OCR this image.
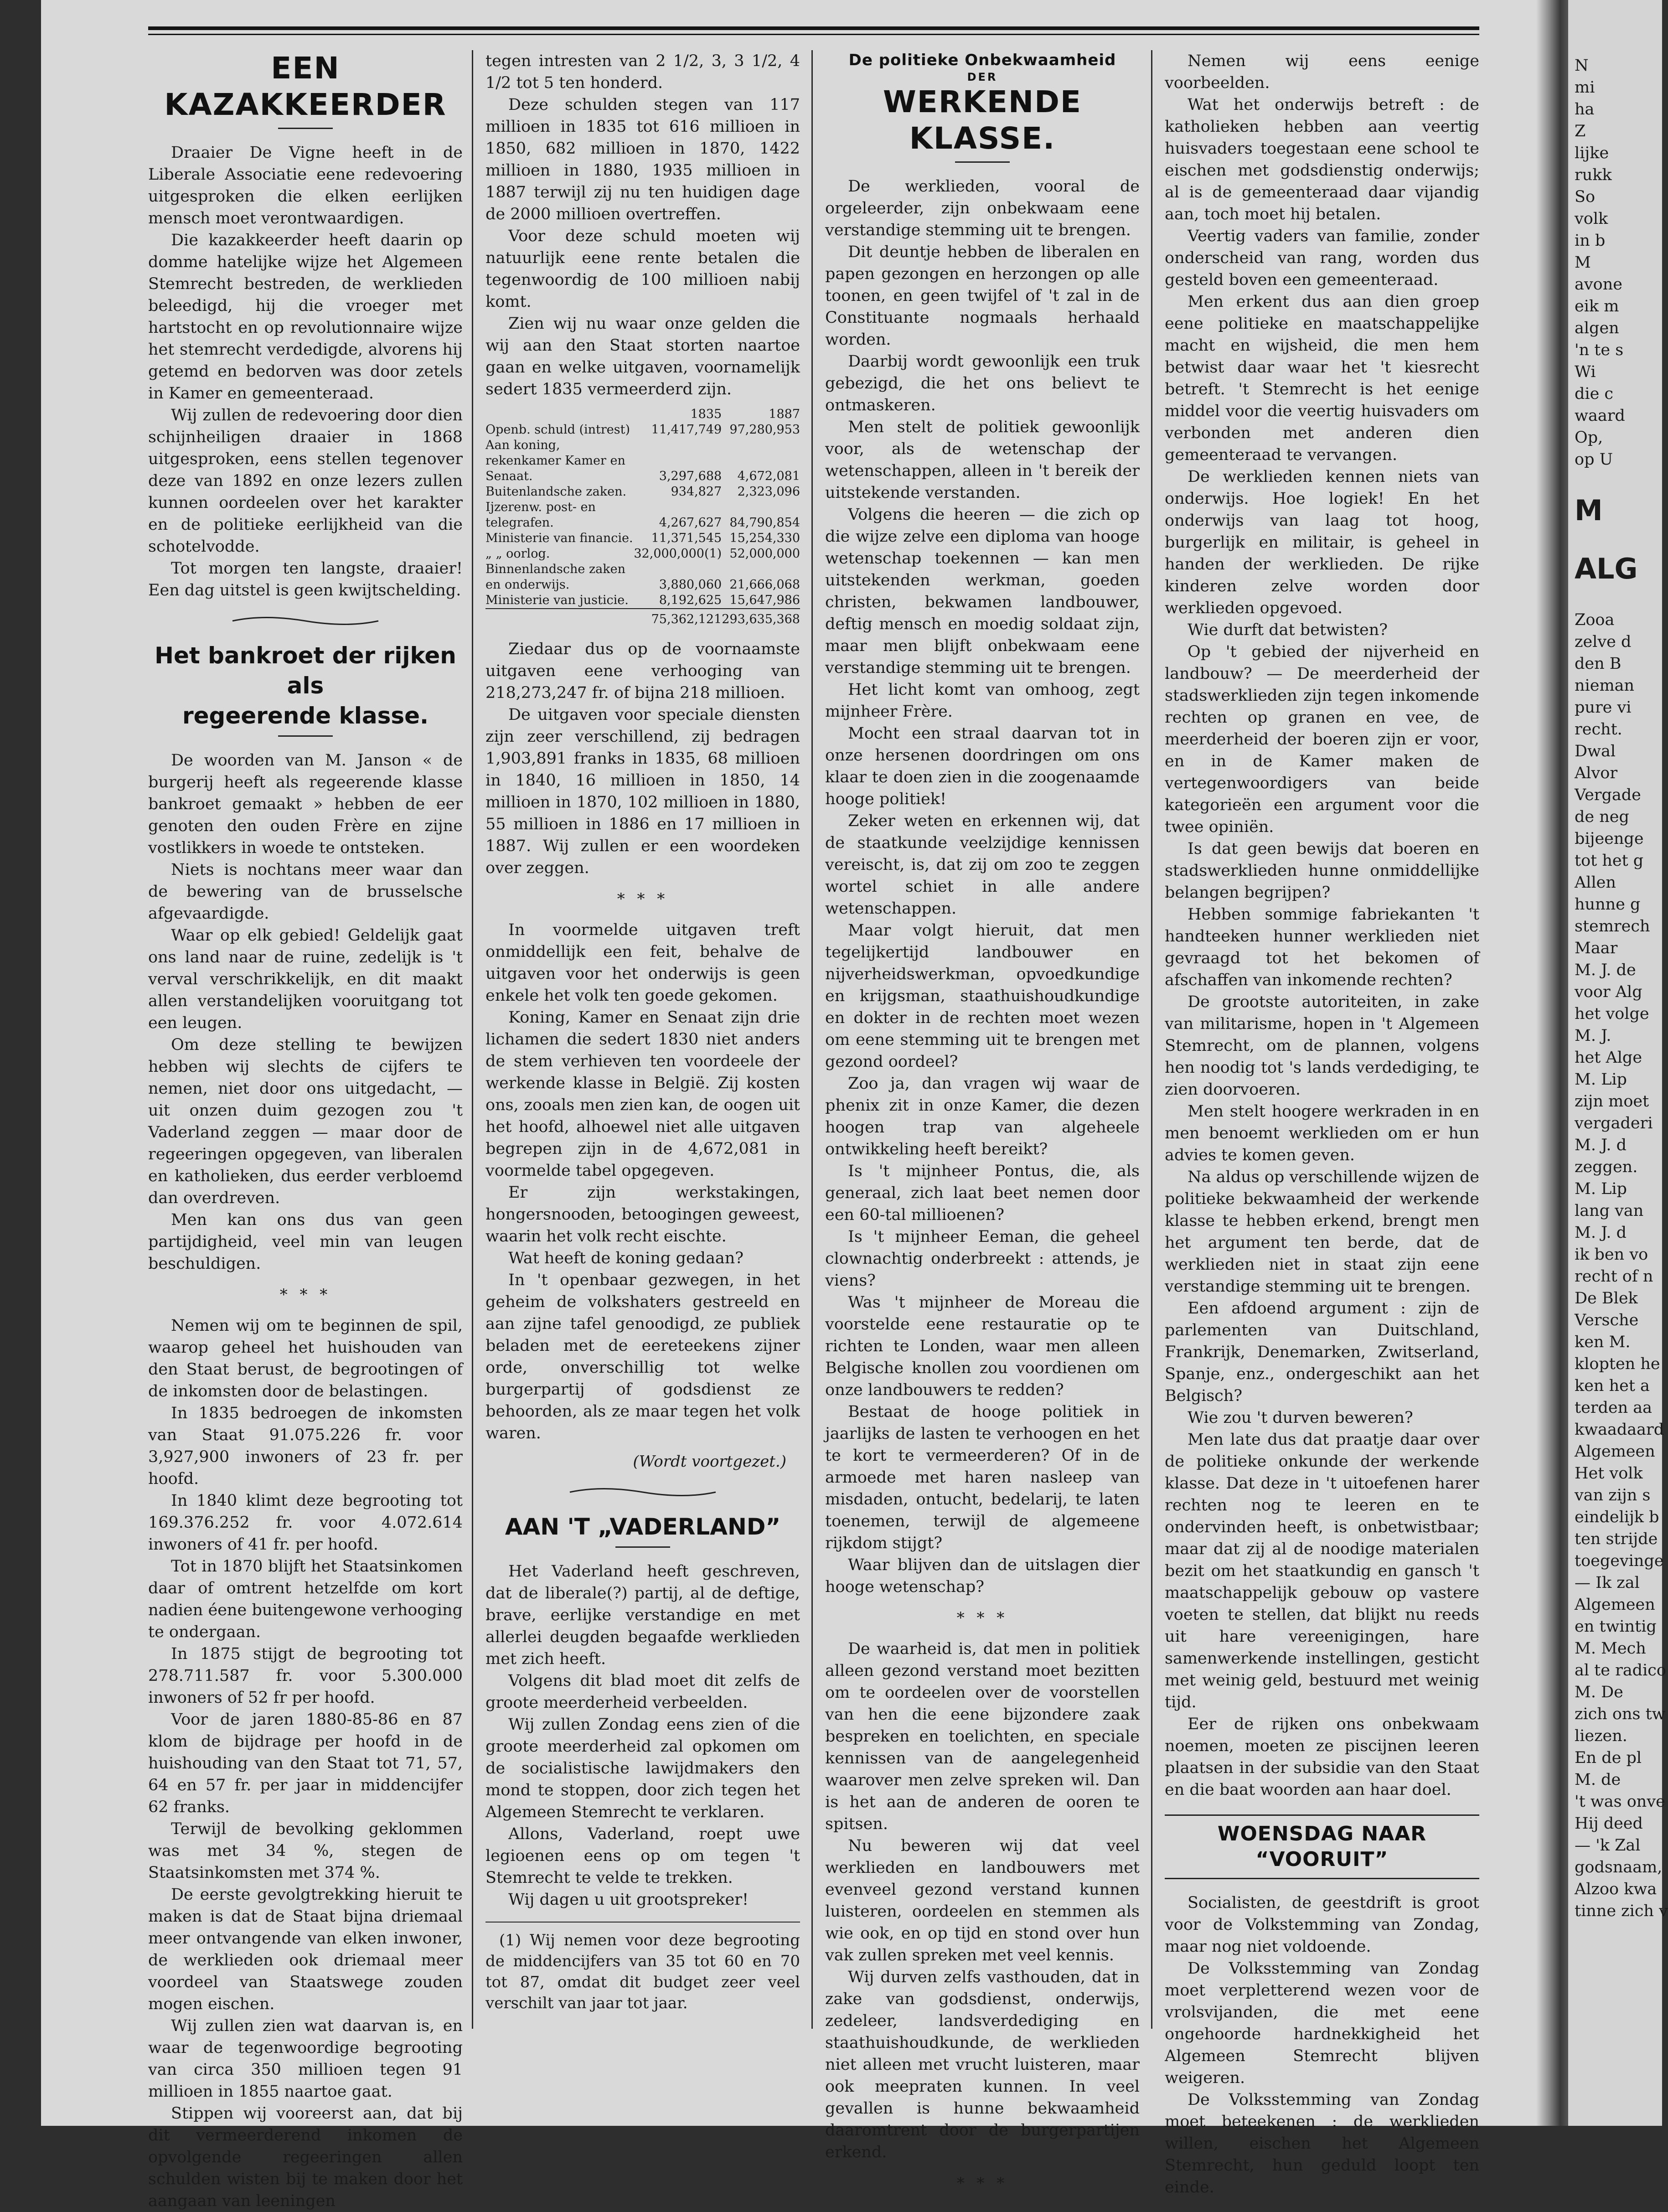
EEN KAZAKKEERDER

Draaier De Vigne heeft in de Liberale Associatie eene redevoering uitgesproken die elken eerlijken mensch moet verontwaardigen.

Die kazakkeerder heeft daarin op domme hatelijke wijze het Algemeen Stemrecht bestreden, de werklieden beleedigd, hij die vroeger met hartstocht en op revolutionnaire wijze het stemrecht verdedigde, alvorens hij getemd en bedorven was door zetels in Kamer en gemeenteraad.

Wij zullen de redevoering door dien schijnheiligen draaier in 1868 uitgesproken, eens stellen tegenover deze van 1892 en onze lezers zullen kunnen oordeelen over het karakter en de politieke eerlijkheid van die schotelvodde.

Tot morgen ten langste, draaier! Een dag uitstel is geen kwijtschelding.

Het bankroet der rijken als
regeerende klasse.

De woorden van M. Janson « de burgerij heeft als regeerende klasse bankroet gemaakt » hebben de eer genoten den ouden Frère en zijne vostlikkers in woede te ontsteken.

Niets is nochtans meer waar dan de bewering van de brusselsche afgevaardigde.

Waar op elk gebied! Geldelijk gaat ons land naar de ruine, zedelijk is 't verval verschrikkelijk, en dit maakt allen verstandelijken vooruitgang tot een leugen.

Om deze stelling te bewijzen hebben wij slechts de cijfers te nemen, niet door ons uitgedacht, — uit onzen duim gezogen zou 't Vaderland zeggen — maar door de regeeringen opgegeven, van liberalen en katholieken, dus eerder verbloemd dan overdreven.

Men kan ons dus van geen partijdigheid, veel min van leugen beschuldigen.

* * *

Nemen wij om te beginnen de spil, waarop geheel het huishouden van den Staat berust, de begrootingen of de inkomsten door de belastingen.

In 1835 bedroegen de inkomsten van Staat 91.075.226 fr. voor 3,927,900 inwoners of 23 fr. per hoofd.

In 1840 klimt deze begrooting tot 169.376.252 fr. voor 4.072.614 inwoners of 41 fr. per hoofd.

Tot in 1870 blijft het Staatsinkomen daar of omtrent hetzelfde om kort nadien éene buitengewone verhooging te ondergaan.

In 1875 stijgt de begrooting tot 278.711.587 fr. voor 5.300.000 inwoners of 52 fr per hoofd.

Voor de jaren 1880-85-86 en 87 klom de bijdrage per hoofd in de huishouding van den Staat tot 71, 57, 64 en 57 fr. per jaar in middencijfer 62 franks.

Terwijl de bevolking geklommen was met 34 %, stegen de Staatsinkomsten met 374 %.

De eerste gevolgtrekking hieruit te maken is dat de Staat bijna driemaal meer ontvangende van elken inwoner, de werklieden ook driemaal meer voordeel van Staatswege zouden mogen eischen.

Wij zullen zien wat daarvan is, en waar de tegenwoordige begrooting van circa 350 millioen tegen 91 millioen in 1855 naartoe gaat.

Stippen wij vooreerst aan, dat bij dit vermeerderend inkomen de opvolgende regeeringen allen schulden wisten bij te maken door het aangaan van leeningen

tegen intresten van 2 1/2, 3, 3 1/2, 4 1/2 tot 5 ten honderd.

Deze schulden stegen van 117 millioen in 1835 tot 616 millioen in 1850, 682 millioen in 1870, 1422 millioen in 1880, 1935 millioen in 1887 terwijl zij nu ten huidigen dage de 2000 millioen overtreffen.

Voor deze schuld moeten wij natuurlijk eene rente betalen die tegenwoordig de 100 millioen nabij komt.

Zien wij nu waar onze gelden die wij aan den Staat storten naartoe gaan en welke uitgaven, voornamelijk sedert 1835 vermeerderd zijn.

	1835	1887
Openb. schuld (intrest)	11,417,749	97,280,953
Aan koning, rekenkamer Kamer en Senaat.	3,297,688	4,672,081
Buitenlandsche zaken.	934,827	2,323,096
Ijzerenw. post- en telegrafen.	4,267,627	84,790,854
Ministerie van financie.	11,371,545	15,254,330
„ „ oorlog.	32,000,000(1)	52,000,000
Binnenlandsche zaken en onderwijs.	3,880,060	21,666,068
Ministerie van justicie.	8,192,625	15,647,986
	75,362,121	293,635,368

Ziedaar dus op de voornaamste uitgaven eene verhooging van 218,273,247 fr. of bijna 218 millioen.

De uitgaven voor speciale diensten zijn zeer verschillend, zij bedragen 1,903,891 franks in 1835, 68 millioen in 1840, 16 millioen in 1850, 14 millioen in 1870, 102 millioen in 1880, 55 millioen in 1886 en 17 millioen in 1887. Wij zullen er een woordeken over zeggen.

* * *

In voormelde uitgaven treft onmiddellijk een feit, behalve de uitgaven voor het onderwijs is geen enkele het volk ten goede gekomen.

Koning, Kamer en Senaat zijn drie lichamen die sedert 1830 niet anders de stem verhieven ten voordeele der werkende klasse in België. Zij kosten ons, zooals men zien kan, de oogen uit het hoofd, alhoewel niet alle uitgaven begrepen zijn in de 4,672,081 in voormelde tabel opgegeven.

Er zijn werkstakingen, hongersnooden, betoogingen geweest, waarin het volk recht eischte.

Wat heeft de koning gedaan?

In 't openbaar gezwegen, in het geheim de volkshaters gestreeld en aan zijne tafel genoodigd, ze publiek beladen met de eereteekens zijner orde, onverschillig tot welke burgerpartij of godsdienst ze behoorden, als ze maar tegen het volk waren.

(Wordt voortgezet.)
AAN 'T „VADERLAND”

Het Vaderland heeft geschreven, dat de liberale(?) partij, al de deftige, brave, eerlijke verstandige en met allerlei deugden begaafde werklieden met zich heeft.

Volgens dit blad moet dit zelfs de groote meerderheid verbeelden.

Wij zullen Zondag eens zien of die groote meerderheid zal opkomen om de socialistische lawijdmakers den mond te stoppen, door zich tegen het Algemeen Stemrecht te verklaren.

Allons, Vaderland, roept uwe legioenen eens op om tegen 't Stemrecht te velde te trekken.

Wij dagen u uit grootspreker!

(1) Wij nemen voor deze begrooting de middencijfers van 35 tot 60 en 70 tot 87, omdat dit budget zeer veel verschilt van jaar tot jaar.

De politieke Onbekwaamheid
DER
WERKENDE KLASSE.

De werklieden, vooral de orgeleerder, zijn onbekwaam eene verstandige stemming uit te brengen.

Dit deuntje hebben de liberalen en papen gezongen en herzongen op alle toonen, en geen twijfel of 't zal in de Constituante nogmaals herhaald worden.

Daarbij wordt gewoonlijk een truk gebezigd, die het ons believt te ontmaskeren.

Men stelt de politiek gewoonlijk voor, als de wetenschap der wetenschappen, alleen in 't bereik der uitstekende verstanden.

Volgens die heeren — die zich op die wijze zelve een diploma van hooge wetenschap toekennen — kan men uitstekenden werkman, goeden christen, bekwamen landbouwer, deftig mensch en moedig soldaat zijn, maar men blijft onbekwaam eene verstandige stemming uit te brengen.

Het licht komt van omhoog, zegt mijnheer Frère.

Mocht een straal daarvan tot in onze hersenen doordringen om ons klaar te doen zien in die zoogenaamde hooge politiek!

Zeker weten en erkennen wij, dat de staatkunde veelzijdige kennissen vereischt, is, dat zij om zoo te zeggen wortel schiet in alle andere wetenschappen.

Maar volgt hieruit, dat men tegelijkertijd landbouwer en nijverheidswerkman, opvoedkundige en krijgsman, staathuishoudkundige en dokter in de rechten moet wezen om eene stemming uit te brengen met gezond oordeel?

Zoo ja, dan vragen wij waar de phenix zit in onze Kamer, die dezen hoogen trap van algeheele ontwikkeling heeft bereikt?

Is 't mijnheer Pontus, die, als generaal, zich laat beet nemen door een 60-tal millioenen?

Is 't mijnheer Eeman, die geheel clownachtig onderbreekt : attends, je viens?

Was 't mijnheer de Moreau die voorstelde eene restauratie op te richten te Londen, waar men alleen Belgische knollen zou voordienen om onze landbouwers te redden?

Bestaat de hooge politiek in jaarlijks de lasten te verhoogen en het te kort te vermeerderen? Of in de armoede met haren nasleep van misdaden, ontucht, bedelarij, te laten toenemen, terwijl de algemeene rijkdom stijgt?

Waar blijven dan de uitslagen dier hooge wetenschap?

* * *

De waarheid is, dat men in politiek alleen gezond verstand moet bezitten om te oordeelen over de voorstellen van hen die eene bijzondere zaak bespreken en toelichten, en speciale kennissen van de aangelegenheid waarover men zelve spreken wil. Dan is het aan de anderen de ooren te spitsen.

Nu beweren wij dat veel werklieden en landbouwers met evenveel gezond verstand kunnen luisteren, oordeelen en stemmen als wie ook, en op tijd en stond over hun vak zullen spreken met veel kennis.

Wij durven zelfs vasthouden, dat in zake van godsdienst, onderwijs, zedeleer, landsverdediging en staathuishoudkunde, de werklieden niet alleen met vrucht luisteren, maar ook meepraten kunnen. In veel gevallen is hunne bekwaamheid daaromtrent door de burgerpartijen erkend.

* * *

Nemen wij eens eenige voorbeelden.

Wat het onderwijs betreft : de katholieken hebben aan veertig huisvaders toegestaan eene school te eischen met godsdienstig onderwijs; al is de gemeenteraad daar vijandig aan, toch moet hij betalen.

Veertig vaders van familie, zonder onderscheid van rang, worden dus gesteld boven een gemeenteraad.

Men erkent dus aan dien groep eene politieke en maatschappelijke macht en wijsheid, die men hem betwist daar waar het 't kiesrecht betreft. 't Stemrecht is het eenige middel voor die veertig huisvaders om verbonden met anderen dien gemeenteraad te vervangen.

De werklieden kennen niets van onderwijs. Hoe logiek! En het onderwijs van laag tot hoog, burgerlijk en militair, is geheel in handen der werklieden. De rijke kinderen zelve worden door werklieden opgevoed.

Wie durft dat betwisten?

Op 't gebied der nijverheid en landbouw? — De meerderheid der stadswerklieden zijn tegen inkomende rechten op granen en vee, de meerderheid der boeren zijn er voor, en in de Kamer maken de vertegenwoordigers van beide kategorieën een argument voor die twee opiniën.

Is dat geen bewijs dat boeren en stadswerklieden hunne onmiddellijke belangen begrijpen?

Hebben sommige fabriekanten 't handteeken hunner werklieden niet gevraagd tot het bekomen of afschaffen van inkomende rechten?

De grootste autoriteiten, in zake van militarisme, hopen in 't Algemeen Stemrecht, om de plannen, volgens hen noodig tot 's lands verdediging, te zien doorvoeren.

Men stelt hoogere werkraden in en men benoemt werklieden om er hun advies te komen geven.

Na aldus op verschillende wijzen de politieke bekwaamheid der werkende klasse te hebben erkend, brengt men het argument ten berde, dat de werklieden niet in staat zijn eene verstandige stemming uit te brengen.

Een afdoend argument : zijn de parlementen van Duitschland, Frankrijk, Denemarken, Zwitserland, Spanje, enz., ondergeschikt aan het Belgisch?

Wie zou 't durven beweren?

Men late dus dat praatje daar over de politieke onkunde der werkende klasse. Dat deze in 't uitoefenen harer rechten nog te leeren en te ondervinden heeft, is onbetwistbaar; maar dat zij al de noodige materialen bezit om het staatkundig en gansch 't maatschappelijk gebouw op vastere voeten te stellen, dat blijkt nu reeds uit hare vereenigingen, hare samenwerkende instellingen, gesticht met weinig geld, bestuurd met weinig tijd.

Eer de rijken ons onbekwaam noemen, moeten ze piscijnen leeren plaatsen in der subsidie van den Staat en die baat woorden aan haar doel.

WOENSDAG NAAR “VOORUIT”

Socialisten, de geestdrift is groot voor de Volkstemming van Zondag, maar nog niet voldoende.

De Volksstemming van Zondag moet verpletterend wezen voor de vrolsvijanden, die met eene ongehoorde hardnekkigheid het Algemeen Stemrecht blijven weigeren.

De Volksstemming van Zondag moet beteekenen : de werklieden willen, eischen het Algemeen Stemrecht, hun geduld loopt ten einde.

N

mi

ha

Z

lijke

rukk

So

volk

in b

M

avone

eik m

algen

'n te s

Wi

die c

waard

Op,

op U

M

ALG

Zooa

zelve d

den B

nieman

pure vi

recht.

Dwal

Alvor

Vergade

de neg

bijeenge

tot het g

Allen

hunne g

stemrech

Maar

M. J. de

voor Alg

het volge

M. J.

het Alge

M. Lip

zijn moet

vergaderi

M. J. d

zeggen.

M. Lip

lang van

M. J. d

ik ben vo

recht of n

De Blek

Versche

ken M.

klopten he

ken het a

terden aa

kwaadaard

Algemeen

Het volk

van zijn s

eindelijk b

ten strijde

toegevinge

— Ik zal

Algemeen

en twintig

M. Mech

al te radico

M. De

zich ons tw

liezen.

En de pl

M. de

't was onve

Hij deed

— 'k Zal

godsnaam,

Alzoo kwa

tinne zich v
